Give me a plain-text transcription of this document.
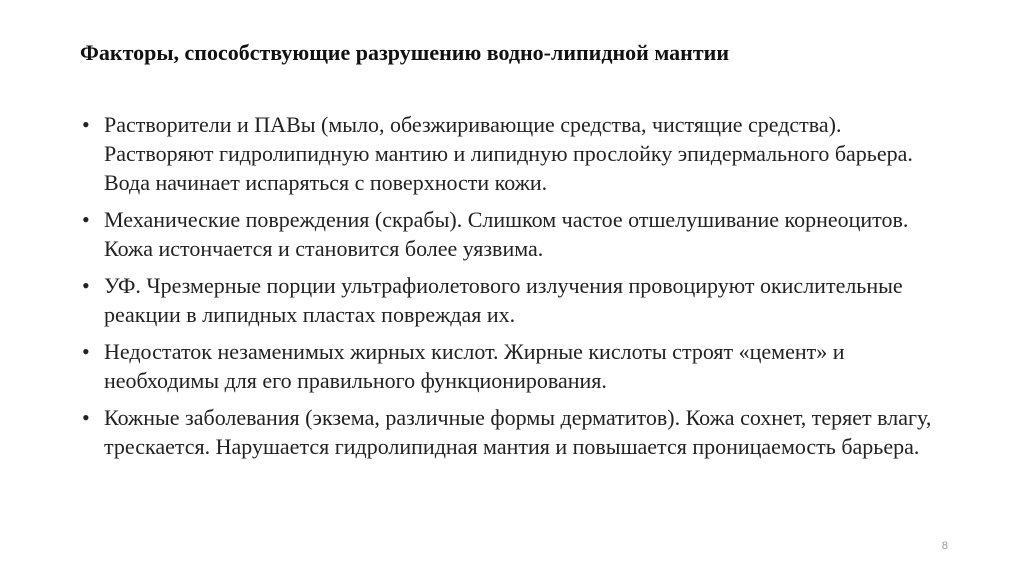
Факторы, способствующие разрушению водно-липидной мантии
• Растворители и ПАВы (мыло, обезжиривающие средства, чистящие средства). Растворяют гидролипидную мантию и липидную прослойку эпидермального барьера. Вода начинает испаряться с поверхности кожи.
• Механические повреждения (скрабы). Слишком частое отшелушивание корнеоцитов. Кожа истончается и становится более уязвима.
• УФ. Чрезмерные порции ультрафиолетового излучения провоцируют окислительные реакции в липидных пластах повреждая их.
• Недостаток незаменимых жирных кислот. Жирные кислоты строят «цемент» и необходимы для его правильного функционирования.
• Кожные заболевания (экзема, различные формы дерматитов). Кожа сохнет, теряет влагу, трескается. Нарушается гидролипидная мантия и повышается проницаемость барьера.
8
